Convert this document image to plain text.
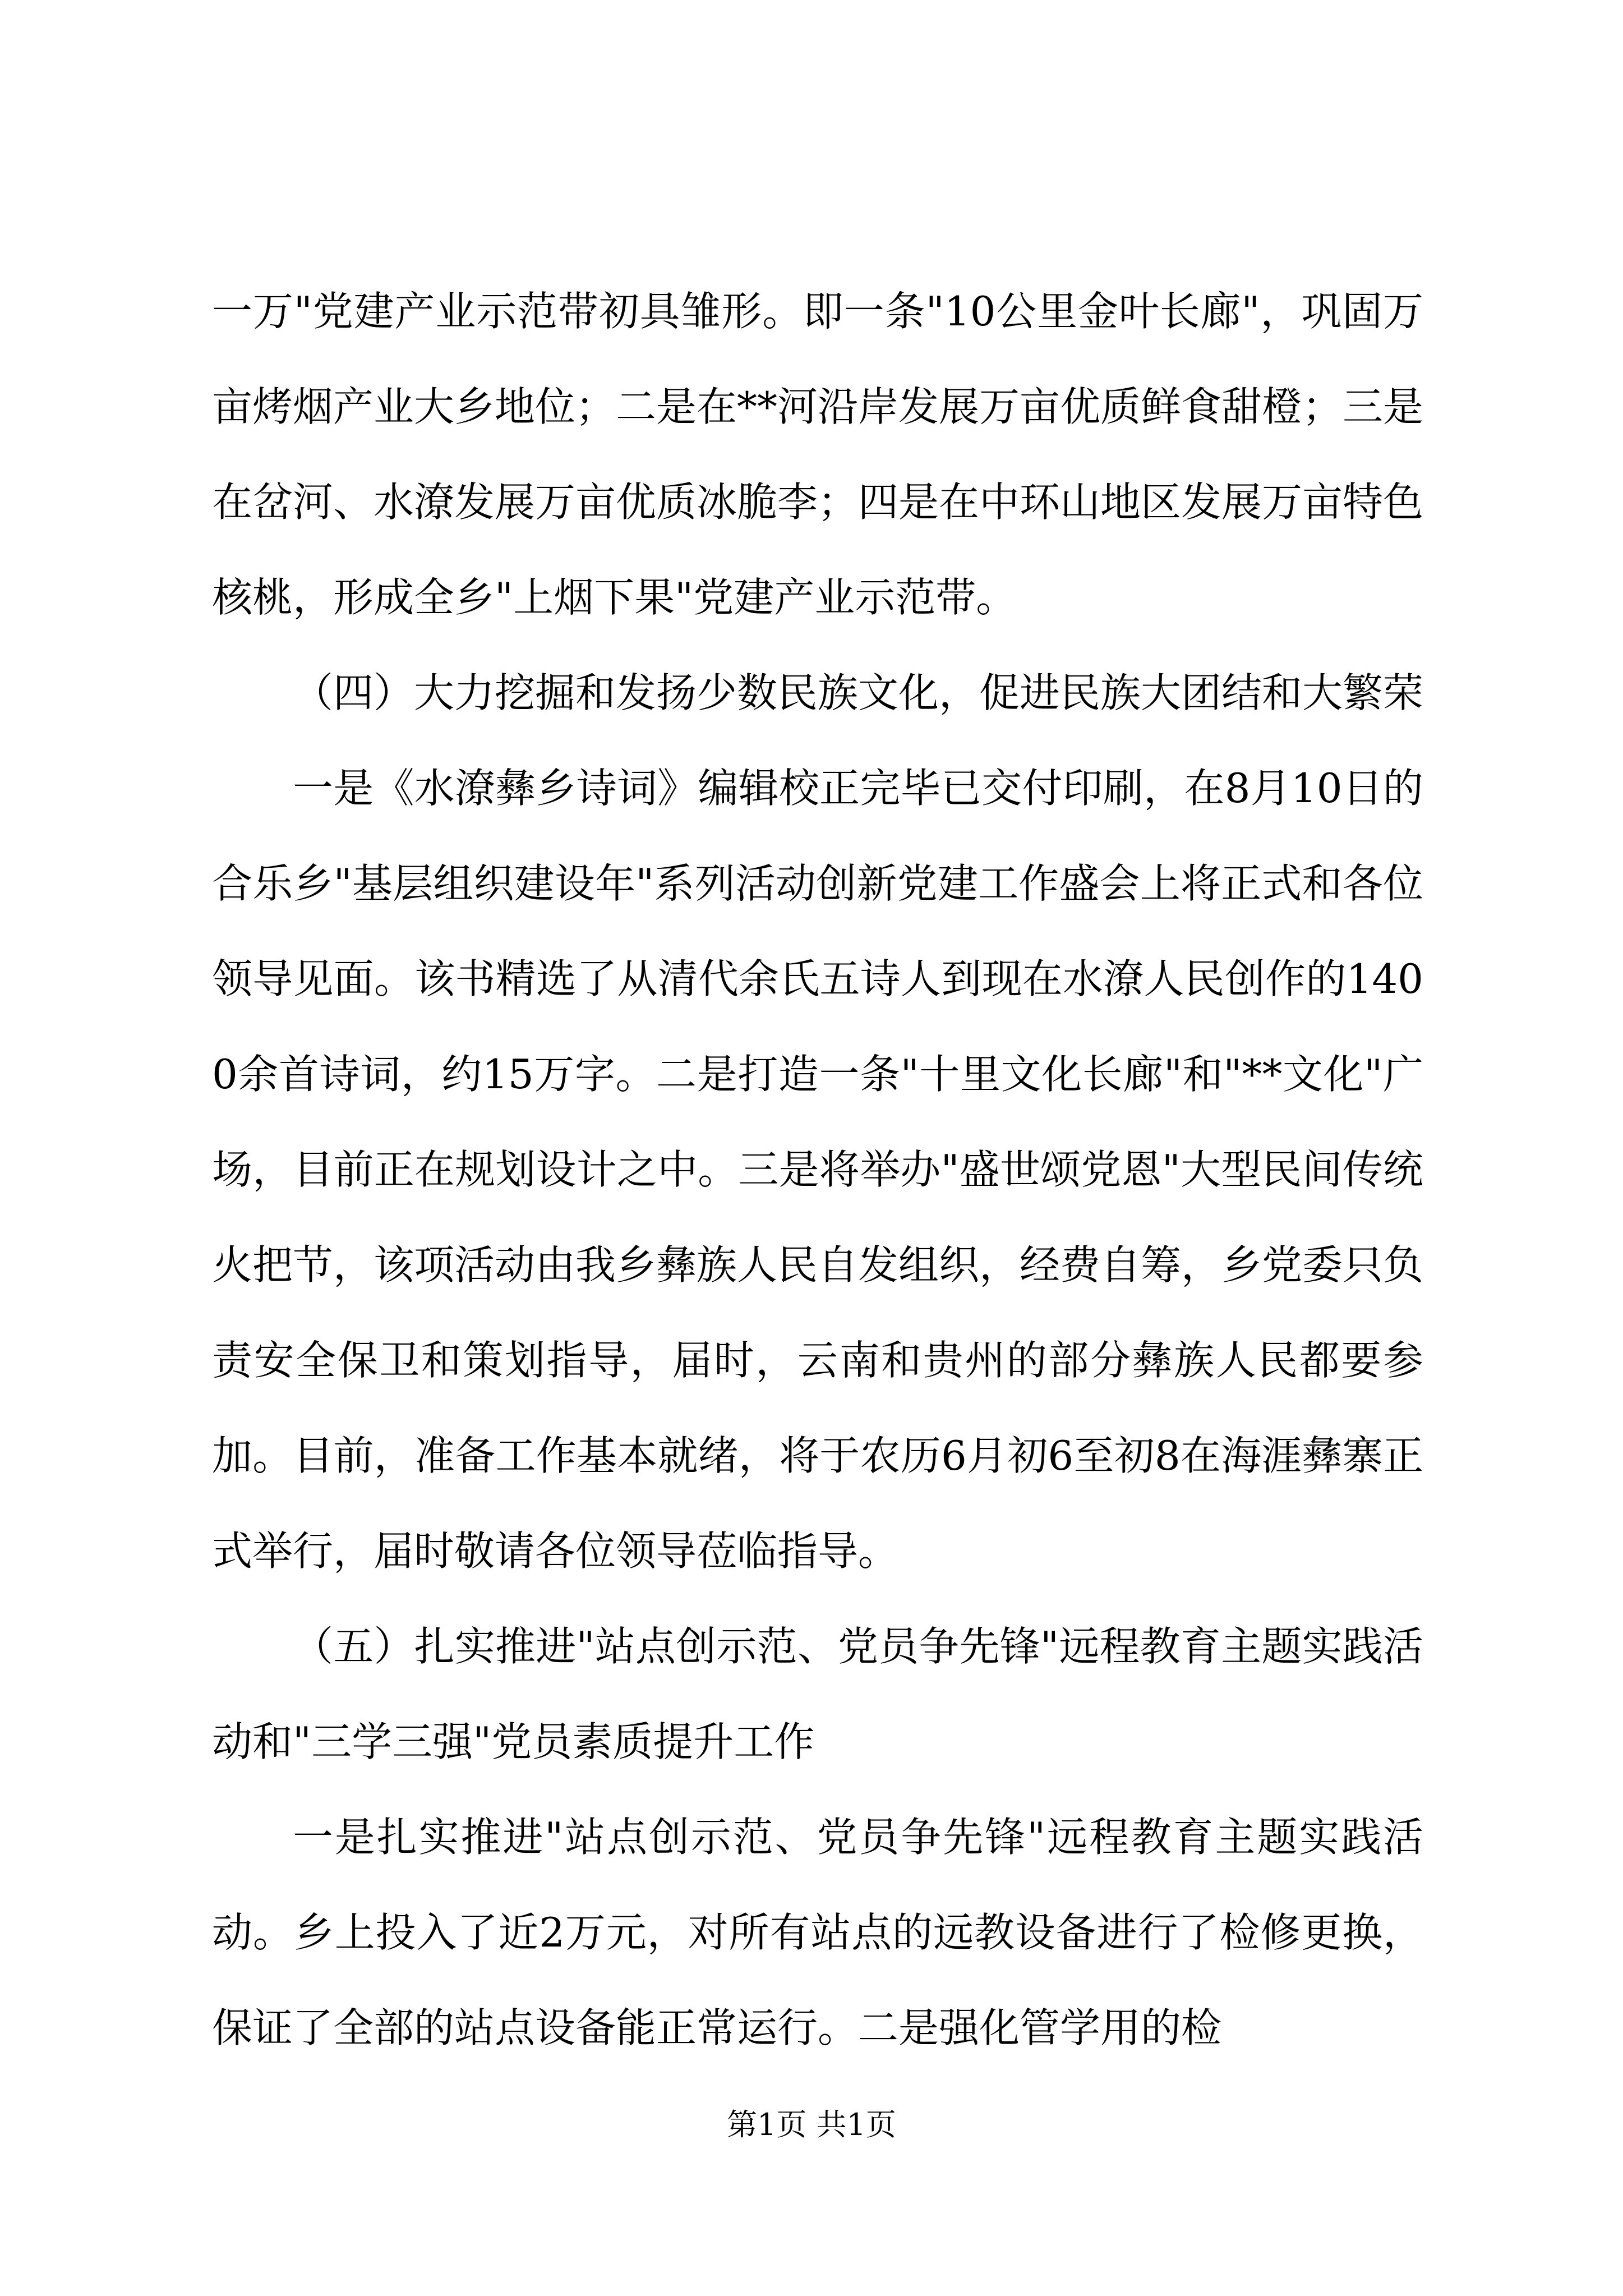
一万"党建产业示范带初具雏形。即一条"10公里金叶长廊"，巩固万亩烤烟产业大乡地位；二是在**河沿岸发展万亩优质鲜食甜橙；三是在岔河、水潦发展万亩优质冰脆李；四是在中环山地区发展万亩特色核桃，形成全乡"上烟下果"党建产业示范带。

（四）大力挖掘和发扬少数民族文化，促进民族大团结和大繁荣

一是《水潦彝乡诗词》编辑校正完毕已交付印刷，在8月10日的合乐乡"基层组织建设年"系列活动创新党建工作盛会上将正式和各位领导见面。该书精选了从清代余氏五诗人到现在水潦人民创作的1400余首诗词，约15万字。二是打造一条"十里文化长廊"和"**文化"广场，目前正在规划设计之中。三是将举办"盛世颂党恩"大型民间传统火把节，该项活动由我乡彝族人民自发组织，经费自筹，乡党委只负责安全保卫和策划指导，届时，云南和贵州的部分彝族人民都要参加。目前，准备工作基本就绪，将于农历6月初6至初8在海涯彝寨正式举行，届时敬请各位领导莅临指导。

（五）扎实推进"站点创示范、党员争先锋"远程教育主题实践活动和"三学三强"党员素质提升工作

一是扎实推进"站点创示范、党员争先锋"远程教育主题实践活动。乡上投入了近2万元，对所有站点的远教设备进行了检修更换，保证了全部的站点设备能正常运行。二是强化管学用的检

第1页 共1页
